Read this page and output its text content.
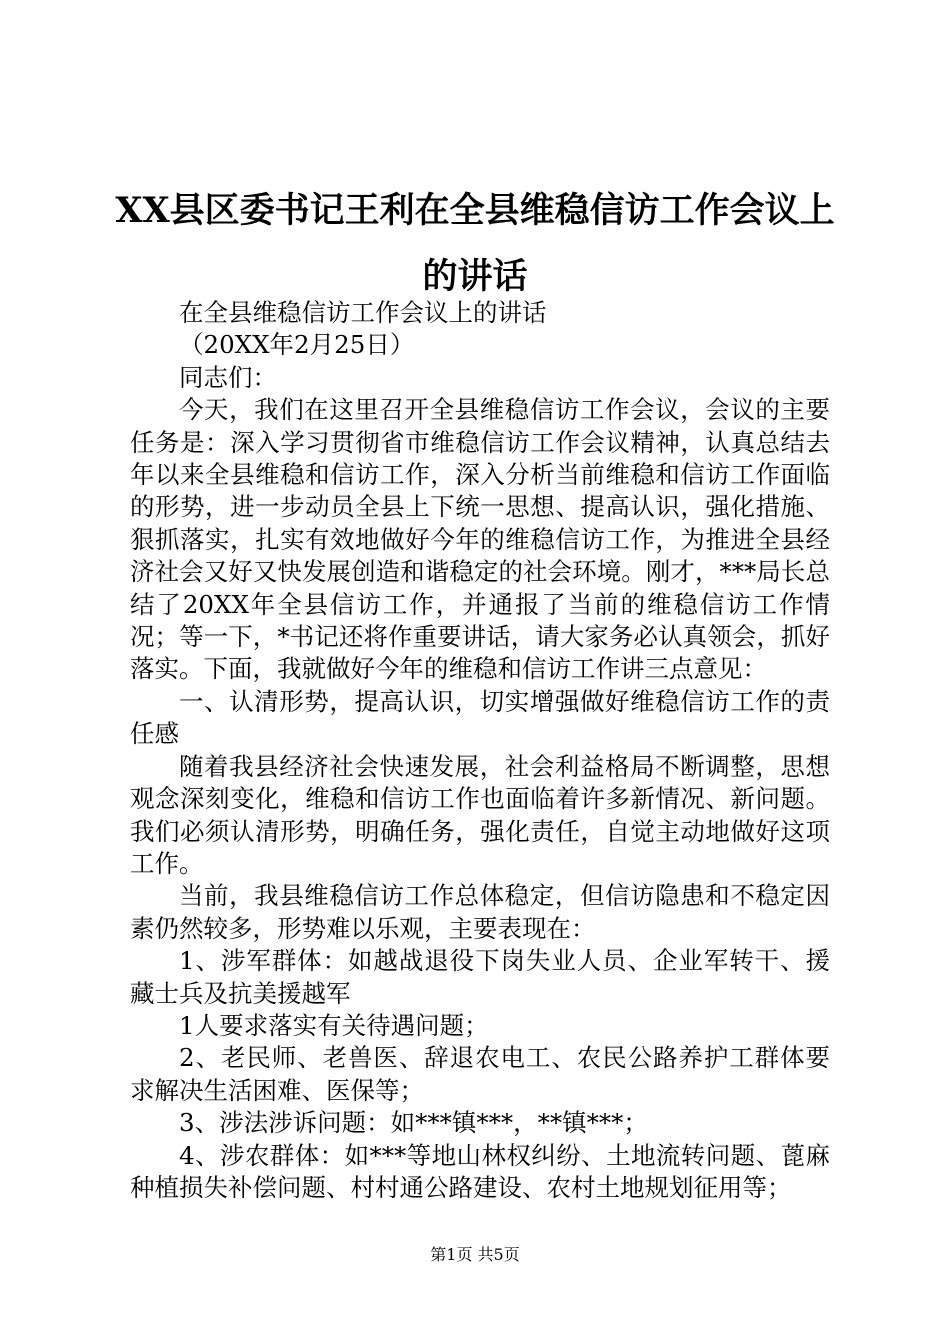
XX县区委书记王利在全县维稳信访工作会议上的讲话

在全县维稳信访工作会议上的讲话

（20XX年2月25日）

同志们：

今天，我们在这里召开全县维稳信访工作会议，会议的主要任务是：深入学习贯彻省市维稳信访工作会议精神，认真总结去年以来全县维稳和信访工作，深入分析当前维稳和信访工作面临的形势，进一步动员全县上下统一思想、提高认识，强化措施、狠抓落实，扎实有效地做好今年的维稳信访工作，为推进全县经济社会又好又快发展创造和谐稳定的社会环境。刚才，***局长总结了20XX年全县信访工作，并通报了当前的维稳信访工作情况；等一下，*书记还将作重要讲话，请大家务必认真领会，抓好落实。下面，我就做好今年的维稳和信访工作讲三点意见：

一、认清形势，提高认识，切实增强做好维稳信访工作的责任感

随着我县经济社会快速发展，社会利益格局不断调整，思想观念深刻变化，维稳和信访工作也面临着许多新情况、新问题。我们必须认清形势，明确任务，强化责任，自觉主动地做好这项工作。

当前，我县维稳信访工作总体稳定，但信访隐患和不稳定因素仍然较多，形势难以乐观，主要表现在：

1、涉军群体：如越战退役下岗失业人员、企业军转干、援藏士兵及抗美援越军

1人要求落实有关待遇问题；

2、老民师、老兽医、辞退农电工、农民公路养护工群体要求解决生活困难、医保等；

3、涉法涉诉问题：如***镇***，**镇***；

4、涉农群体：如***等地山林权纠纷、土地流转问题、蓖麻种植损失补偿问题、村村通公路建设、农村土地规划征用等；

第1页 共5页
